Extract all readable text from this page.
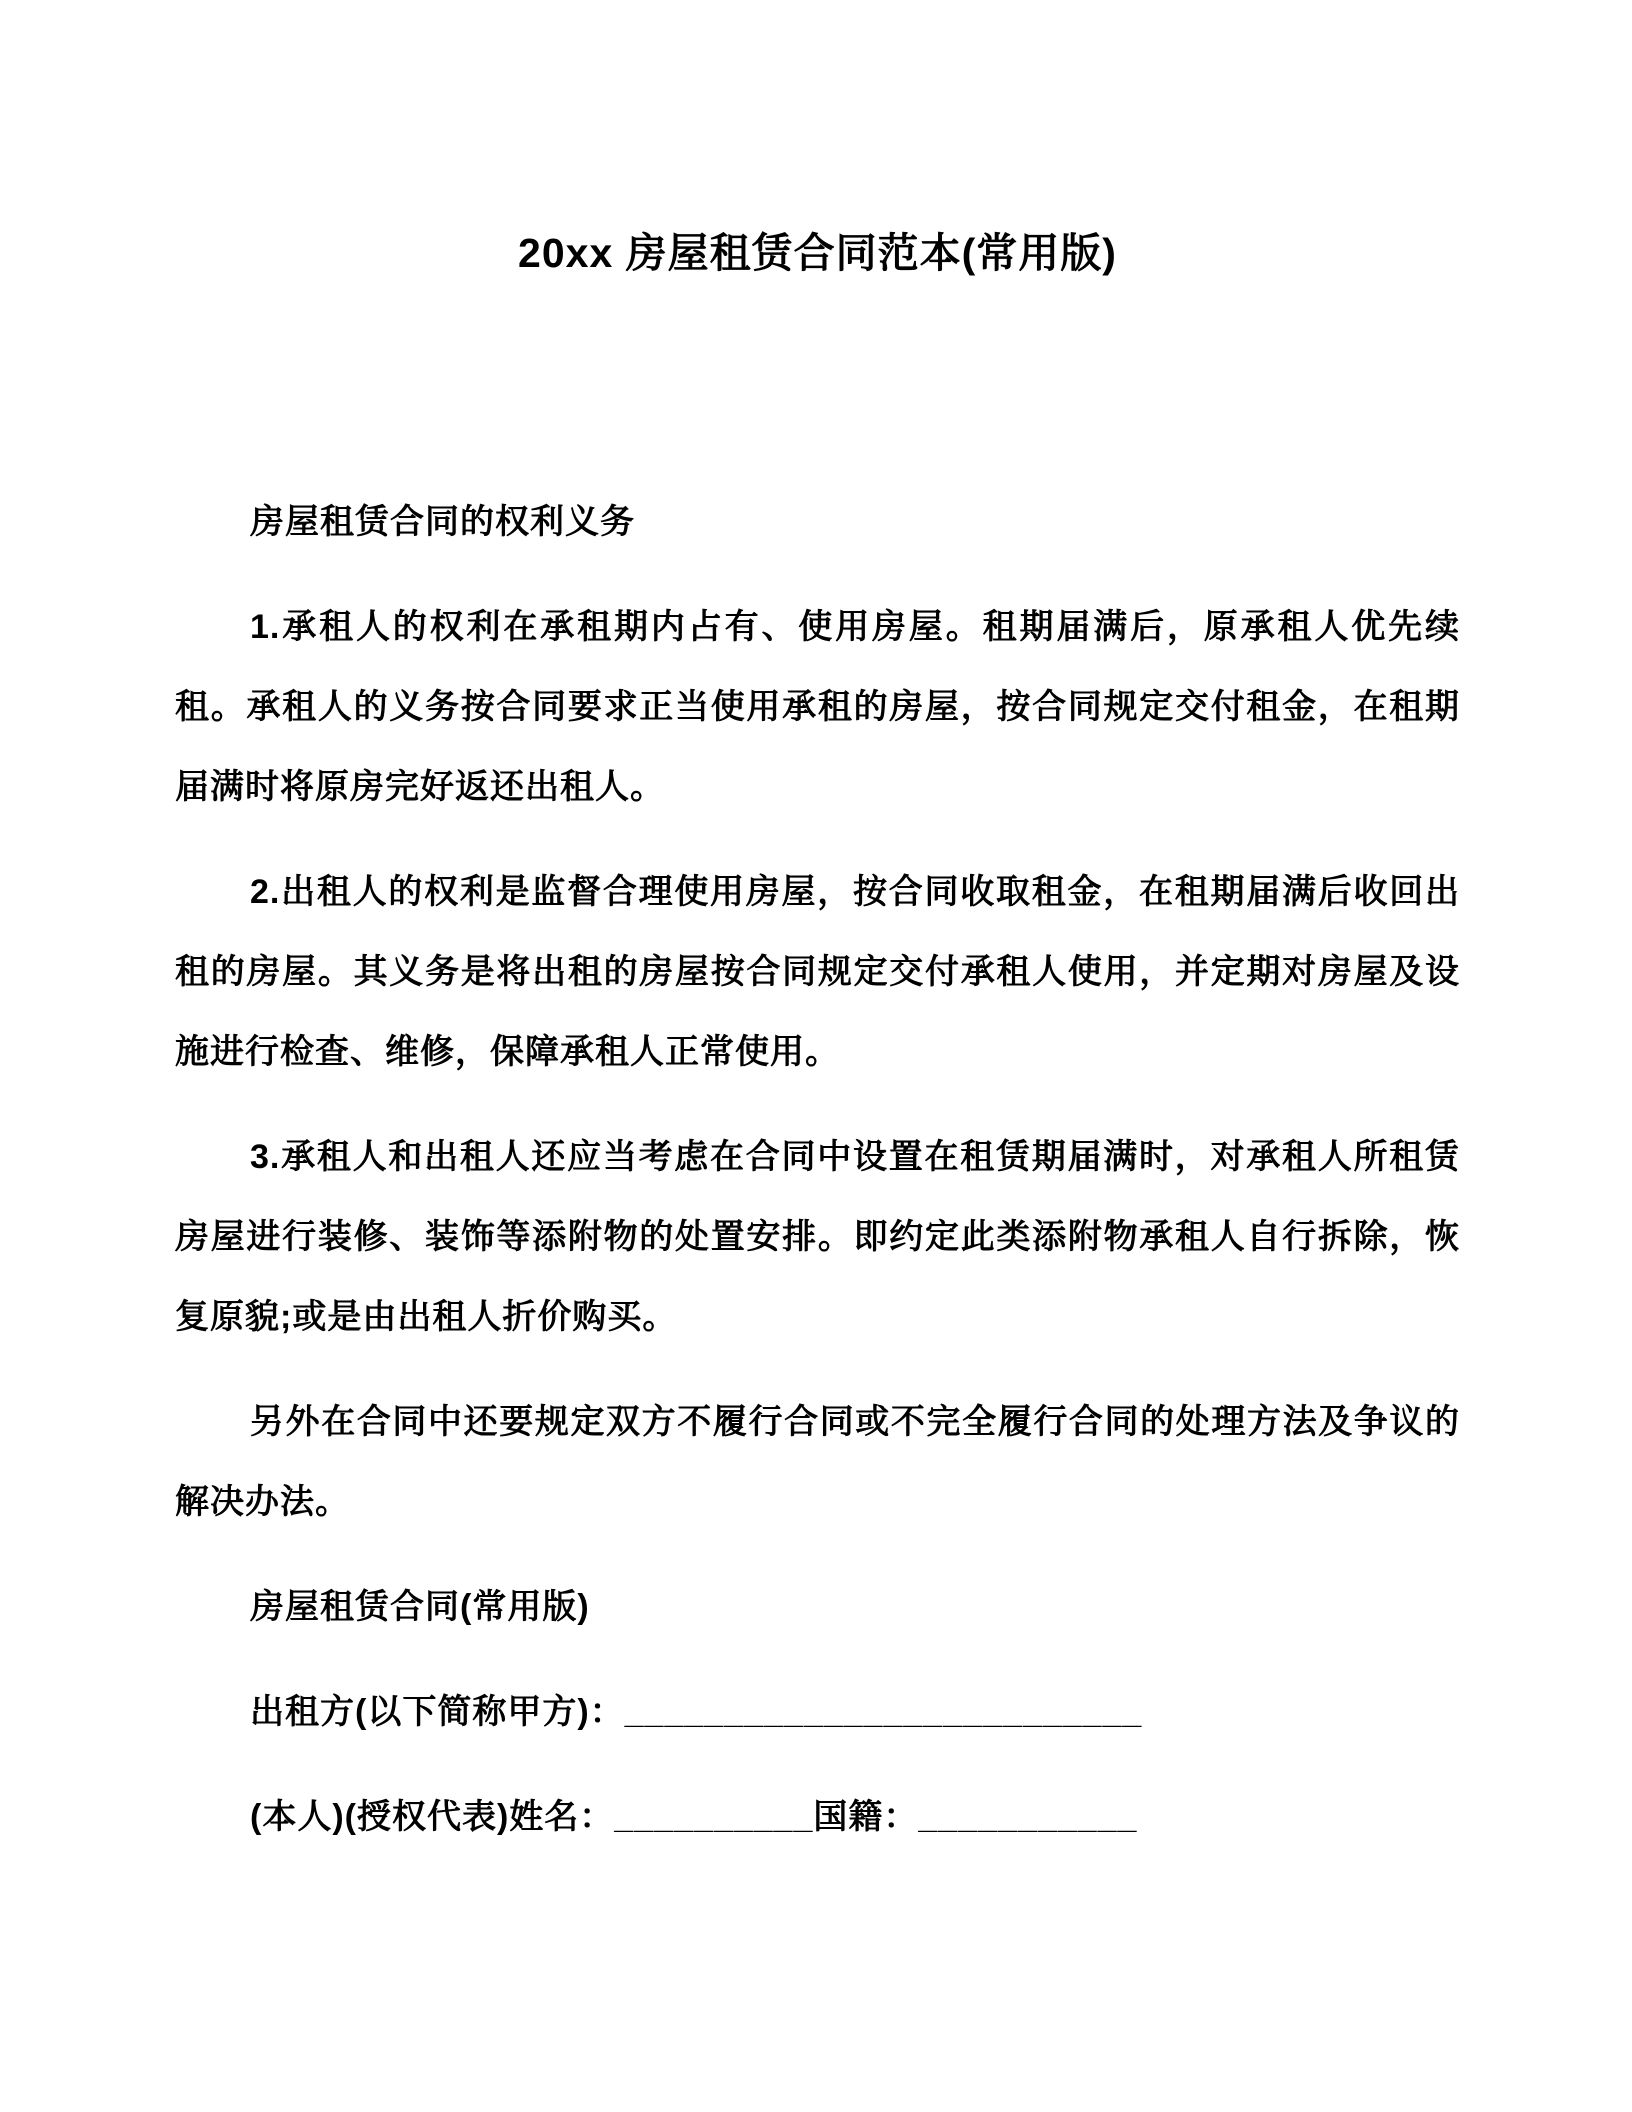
20xx 房屋租赁合同范本(常用版)

房屋租赁合同的权利义务

1.承租人的权利在承租期内占有、使用房屋。租期届满后，原承租人优先续租。承租人的义务按合同要求正当使用承租的房屋，按合同规定交付租金，在租期届满时将原房完好返还出租人。

2.出租人的权利是监督合理使用房屋，按合同收取租金，在租期届满后收回出租的房屋。其义务是将出租的房屋按合同规定交付承租人使用，并定期对房屋及设施进行检查、维修，保障承租人正常使用。

3.承租人和出租人还应当考虑在合同中设置在租赁期届满时，对承租人所租赁房屋进行装修、装饰等添附物的处置安排。即约定此类添附物承租人自行拆除，恢复原貌;或是由出租人折价购买。

另外在合同中还要规定双方不履行合同或不完全履行合同的处理方法及争议的解决办法。

房屋租赁合同(常用版)

出租方(以下简称甲方)：__________________________

(本人)(授权代表)姓名：__________国籍：___________
